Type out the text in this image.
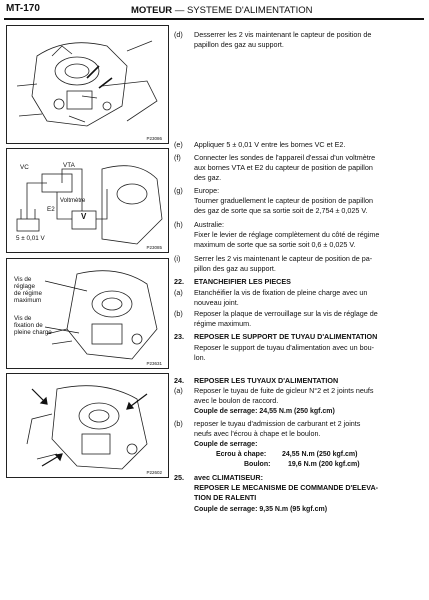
MT-170	MOTEUR — SYSTEME D'ALIMENTATION
P23086
VC	VTA
Voltmètre
E2
V
5 ± 0,01 V
P23085
Vis de
réglage
de régime
maximum
Vis de
fixation de
pleine charge
P23631
P22602
(d) Desserrer les 2 vis maintenant le capteur de position de
papillon des gaz au support.
(e) Appliquer 5 ± 0,01 V entre les bornes VC et E2.
(f) Connecter les sondes de l'appareil d'essai d'un voltmètre
aux bornes VTA et E2 du capteur de position de papillon
des gaz.
(g) Europe:
Tourner graduellement le capteur de position de papillon
des gaz de sorte que sa sortie soit de 2,754 ± 0,025 V.
(h) Australie:
Fixer le levier de réglage complètement du côté de régime
maximum de sorte que sa sortie soit 0,6 ± 0,025 V.
(i) Serrer les 2 vis maintenant le capteur de position de pa-
pillon des gaz au support.
22. ETANCHEIFIER LES PIECES
(a) Etanchéifier la vis de fixation de pleine charge avec un
nouveau joint.
(b) Reposer la plaque de verrouillage sur la vis de réglage de
régime maximum.
23. REPOSER LE SUPPORT DE TUYAU D'ALIMENTATION
Reposer le support de tuyau d'alimentation avec un bou-
lon.
24. REPOSER LES TUYAUX D'ALIMENTATION
(a) Reposer le tuyau de fuite de gicleur N°2 et 2 joints neufs
avec le boulon de raccord.
Couple de serrage: 24,55 N.m (250 kgf.cm)
(b) reposer le tuyau d'admission de carburant et 2 joints
neufs avec l'écrou à chape et le boulon.
Couple de serrage:
Ecrou à chape: 24,55 N.m (250 kgf.cm)
Boulon:	19,6 N.m (200 kgf.cm)
25. avec CLIMATISEUR:
REPOSER LE MECANISME DE COMMANDE D'ELEVA-
TION DE RALENTI
Couple de serrage: 9,35 N.m (95 kgf.cm)
